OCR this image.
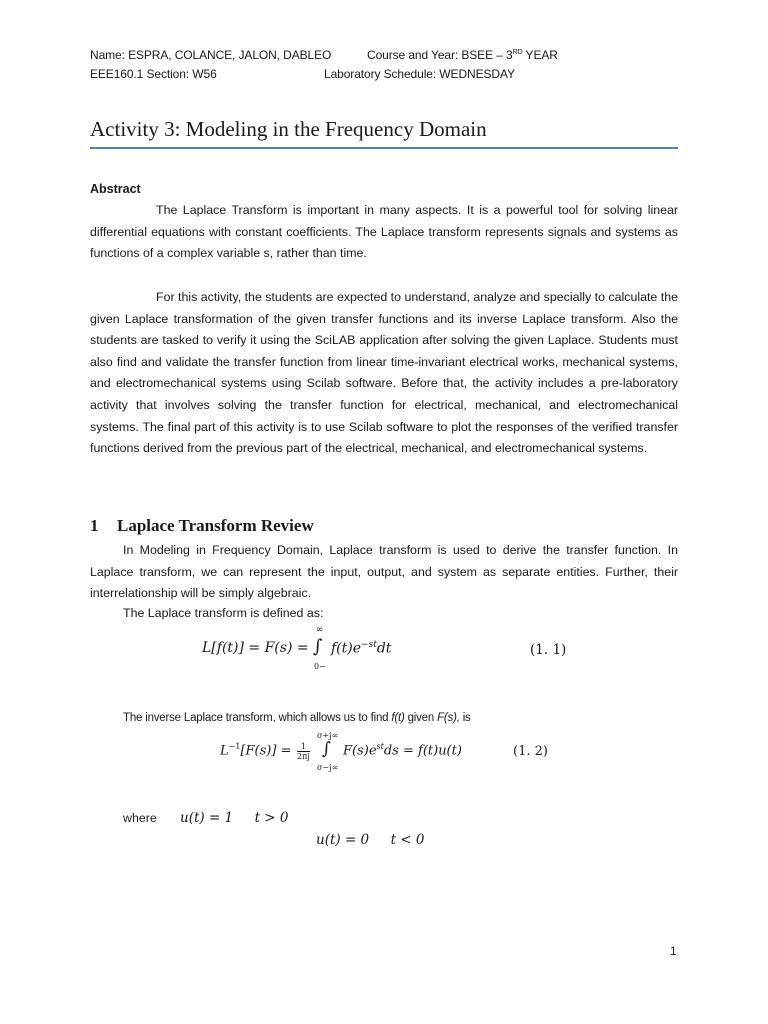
Name: ESPRA, COLANCE, JALON, DABLEO	Course and Year: BSEE – 3RD YEAR
EEE160.1 Section: W56	Laboratory Schedule: WEDNESDAY
Activity 3: Modeling in the Frequency Domain
Abstract
The Laplace Transform is important in many aspects. It is a powerful tool for solving linear differential equations with constant coefficients. The Laplace transform represents signals and systems as functions of a complex variable s, rather than time.
For this activity, the students are expected to understand, analyze and specially to calculate the given Laplace transformation of the given transfer functions and its inverse Laplace transform. Also the students are tasked to verify it using the SciLAB application after solving the given Laplace. Students must also find and validate the transfer function from linear time-invariant electrical works, mechanical systems, and electromechanical systems using Scilab software. Before that, the activity includes a pre-laboratory activity that involves solving the transfer function for electrical, mechanical, and electromechanical systems. The final part of this activity is to use Scilab software to plot the responses of the verified transfer functions derived from the previous part of the electrical, mechanical, and electromechanical systems.
1 Laplace Transform Review
In Modeling in Frequency Domain, Laplace transform is used to derive the transfer function. In Laplace transform, we can represent the input, output, and system as separate entities. Further, their interrelationship will be simply algebraic.
The Laplace transform is defined as:
L[f(t)] = F(s) =
∞
∫
0−
$f(t)e^{-st}dt$	(1. 1)
The inverse Laplace transform, which allows us to find f(t) given F(s), is
$L^{-1}[F(s)] = \frac{1}{2\pi j}$
σ+j∞
∫
σ−j∞
$F(s)e^{st}ds = f(t)u(t)$	(1. 2)
where u(t) = 1     t > 0
u(t) = 0     t < 0
1
